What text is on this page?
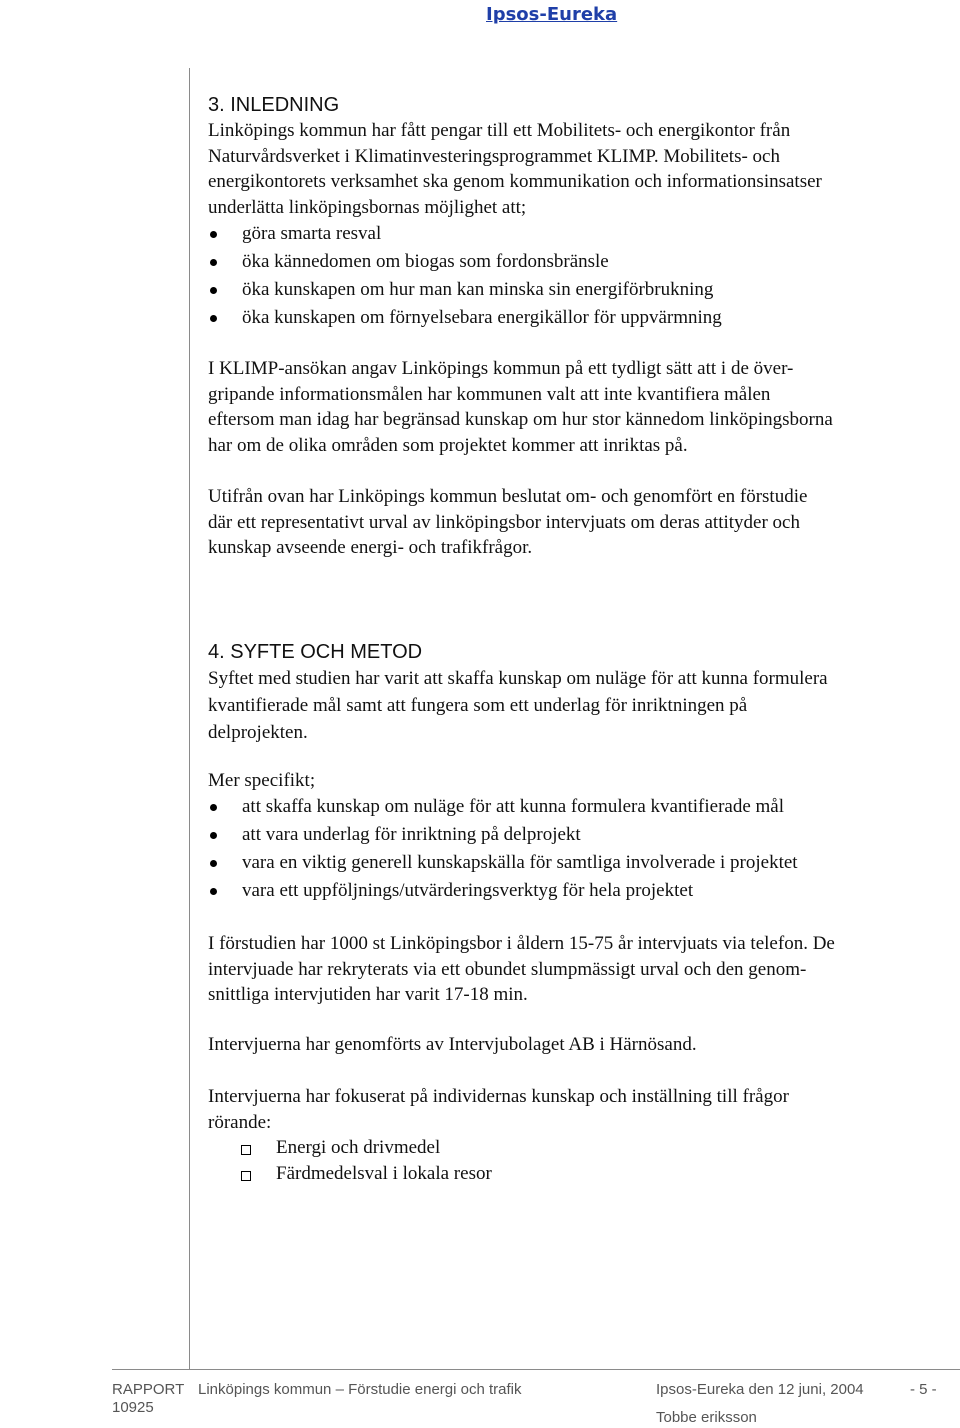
Ipsos-Eureka
3. INLEDNING
Linköpings kommun har fått pengar till ett Mobilitets- och energikontor från
Naturvårdsverket i Klimatinvesteringsprogrammet KLIMP. Mobilitets- och
energikontorets verksamhet ska genom kommunikation och informationsinsatser
underlätta linköpingsbornas möjlighet att;
göra smarta resval
öka kännedomen om biogas som fordonsbränsle
öka kunskapen om hur man kan minska sin energiförbrukning
öka kunskapen om förnyelsebara energikällor för uppvärmning
I KLIMP-ansökan angav Linköpings kommun på ett tydligt sätt att i de över-
gripande informationsmålen har kommunen valt att inte kvantifiera målen
eftersom man idag har begränsad kunskap om hur stor kännedom linköpingsborna
har om de olika områden som projektet kommer att inriktas på.
Utifrån ovan har Linköpings kommun beslutat om- och genomfört en förstudie
där ett representativt urval av linköpingsbor intervjuats om deras attityder och
kunskap avseende energi- och trafikfrågor.
4. SYFTE OCH METOD
Syftet med studien har varit att skaffa kunskap om nuläge för att kunna formulera
kvantifierade mål samt att fungera som ett underlag för inriktningen på
delprojekten.
Mer specifikt;
att skaffa kunskap om nuläge för att kunna formulera kvantifierade mål
att vara underlag för inriktning på delprojekt
vara en viktig generell kunskapskälla för samtliga involverade i projektet
vara ett uppföljnings/utvärderingsverktyg för hela projektet
I förstudien har 1000 st Linköpingsbor i åldern 15-75 år intervjuats via telefon. De
intervjuade har rekryterats via ett obundet slumpmässigt urval och den genom-
snittliga intervjutiden har varit 17-18 min.
Intervjuerna har genomförts av Intervjubolaget AB i Härnösand.
Intervjuerna har fokuserat på individernas kunskap och inställning till frågor
rörande:
Energi och drivmedel
Färdmedelsval i lokala resor
RAPPORT
10925
Linköpings kommun – Förstudie energi och trafik	Ipsos-Eureka den 12 juni, 2004
Tobbe eriksson
- 5 -
